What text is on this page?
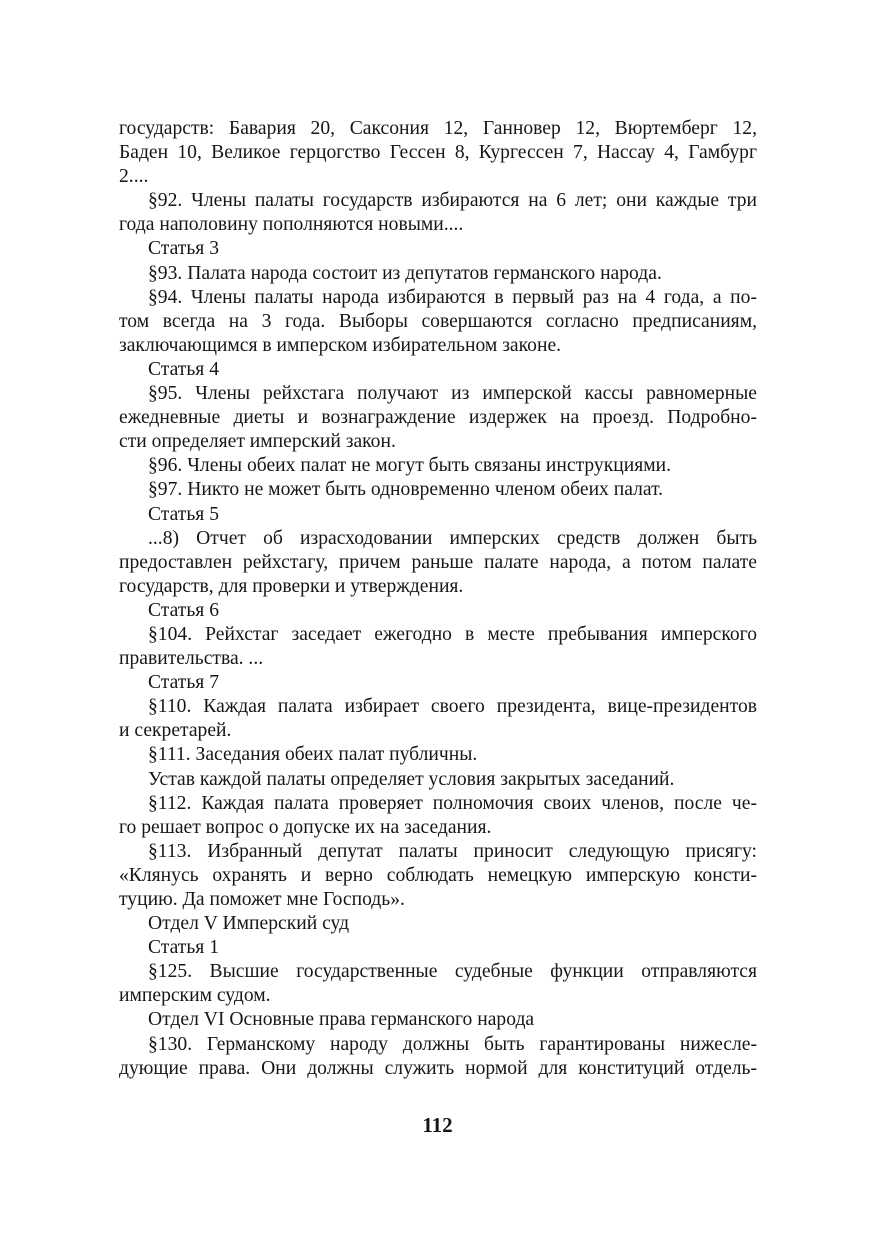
государств: Бавария 20, Саксония 12, Ганновер 12, Вюртемберг 12,
Баден 10, Великое герцогство Гессен 8, Кургессен 7, Нассау 4, Гамбург
2....
§92. Члены палаты государств избираются на 6 лет; они каждые три
года наполовину пополняются новыми....
Статья 3
§93. Палата народа состоит из депутатов германского народа.
§94. Члены палаты народа избираются в первый раз на 4 года, а по-
том всегда на 3 года. Выборы совершаются согласно предписаниям,
заключающимся в имперском избирательном законе.
Статья 4
§95. Члены рейхстага получают из имперской кассы равномерные
ежедневные диеты и вознаграждение издержек на проезд. Подробно-
сти определяет имперский закон.
§96. Члены обеих палат не могут быть связаны инструкциями.
§97. Никто не может быть одновременно членом обеих палат.
Статья 5
...8) Отчет об израсходовании имперских средств должен быть
предоставлен рейхстагу, причем раньше палате народа, а потом палате
государств, для проверки и утверждения.
Статья 6
§104. Рейхстаг заседает ежегодно в месте пребывания имперского
правительства. ...
Статья 7
§110. Каждая палата избирает своего президента, вице-президентов
и секретарей.
§111. Заседания обеих палат публичны.
Устав каждой палаты определяет условия закрытых заседаний.
§112. Каждая палата проверяет полномочия своих членов, после че-
го решает вопрос о допуске их на заседания.
§113. Избранный депутат палаты приносит следующую присягу:
«Клянусь охранять и верно соблюдать немецкую имперскую консти-
туцию. Да поможет мне Господь».
Отдел V Имперский суд
Статья 1
§125. Высшие государственные судебные функции отправляются
имперским судом.
Отдел VI Основные права германского народа
§130. Германскому народу должны быть гарантированы нижесле-
дующие права. Они должны служить нормой для конституций отдель-
112
